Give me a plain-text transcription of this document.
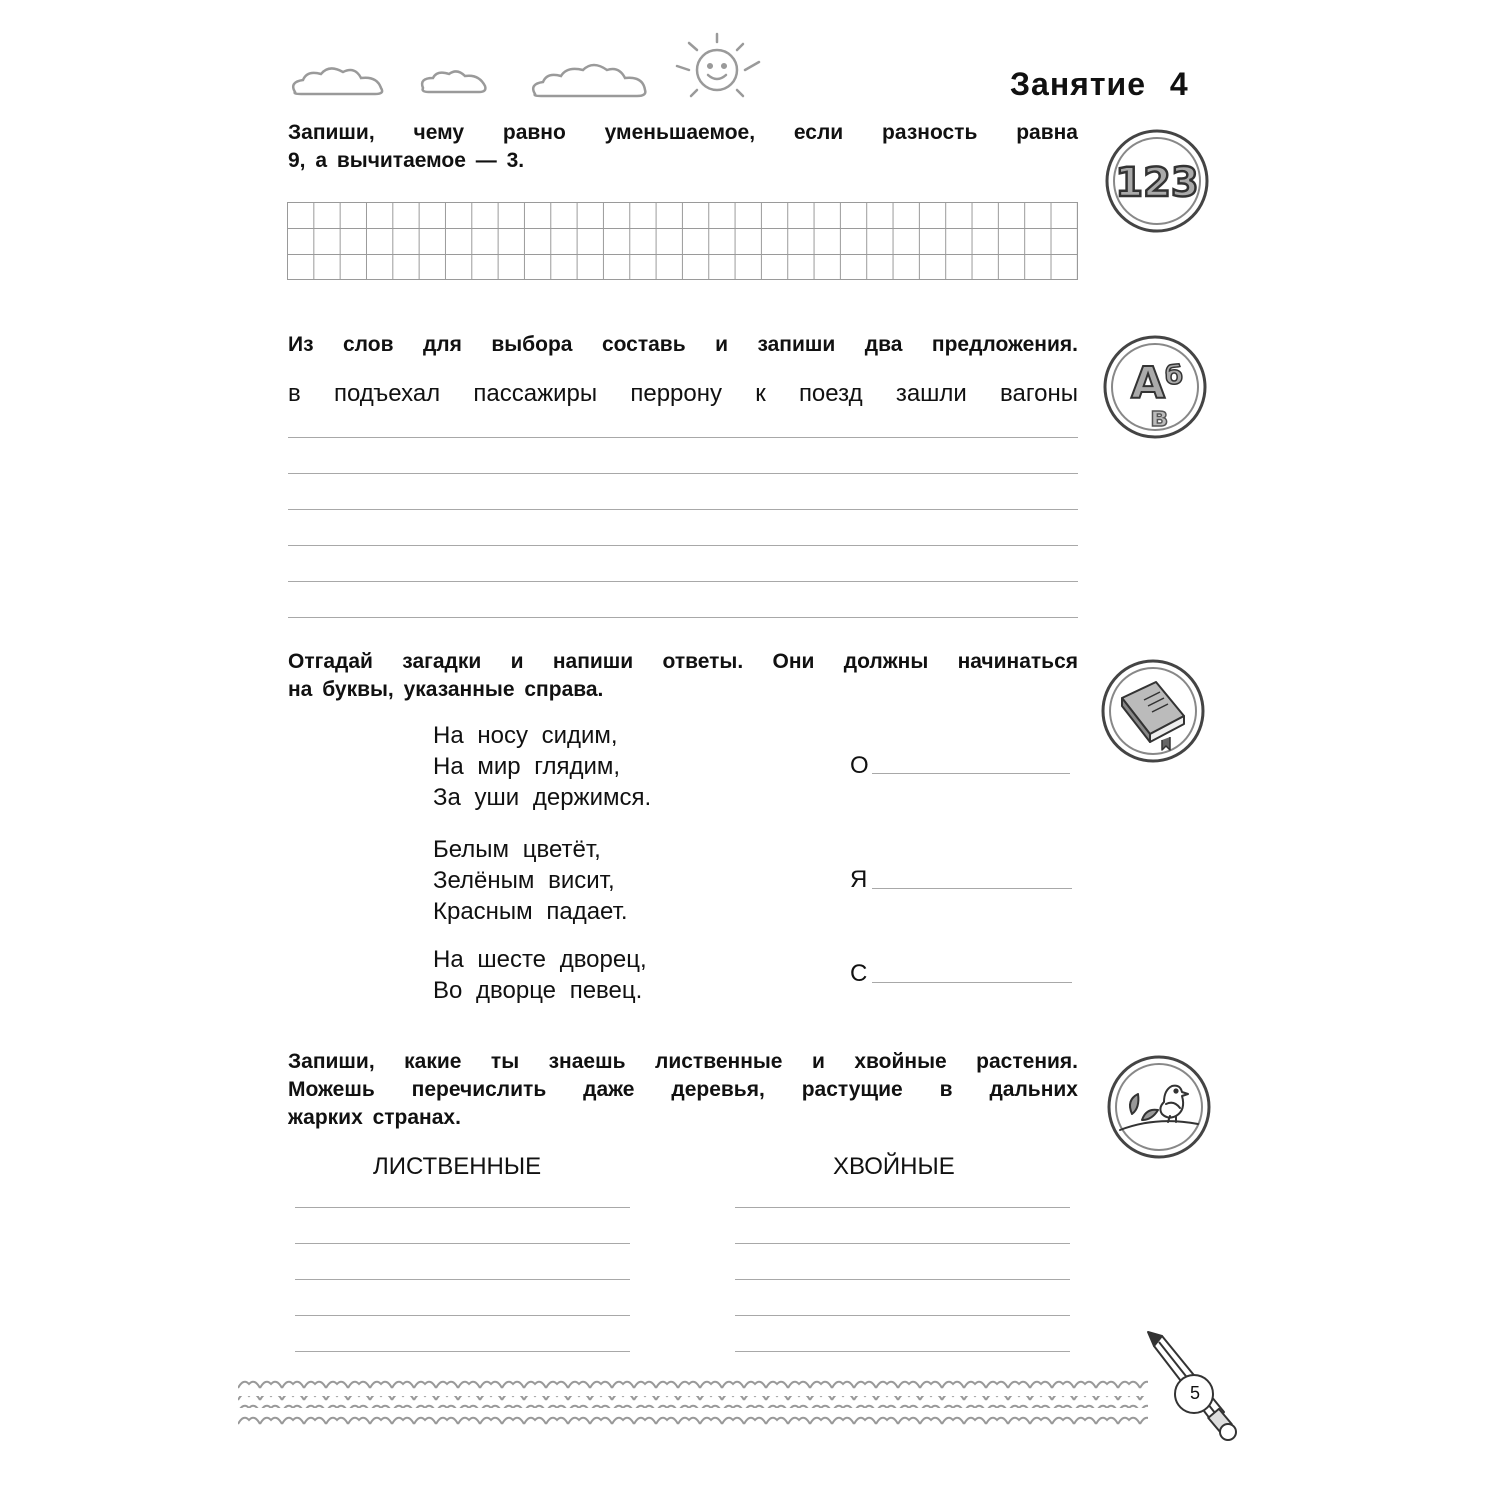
Занятие 4
Запиши, чему равно уменьшаемое, если разность равна
9, а вычитаемое — 3.	123
Из слов для выбора составь и запиши два предложения.
А б
в
в подъехал пассажиры перрону к поезд зашли вагоны
Отгадай загадки и напиши ответы. Они должны начинаться
на буквы, указанные справа.
На носу сидим,
На мир глядим,
За уши держимся.
О
Белым цветёт,
Зелёным висит,
Красным падает.
Я
На шесте дворец,
Во дворце певец.
С
Запиши, какие ты знаешь лиственные и хвойные растения.
Можешь перечислить даже деревья, растущие в дальних
жарких странах.
ЛИСТВЕННЫЕ	ХВОЙНЫЕ
5
